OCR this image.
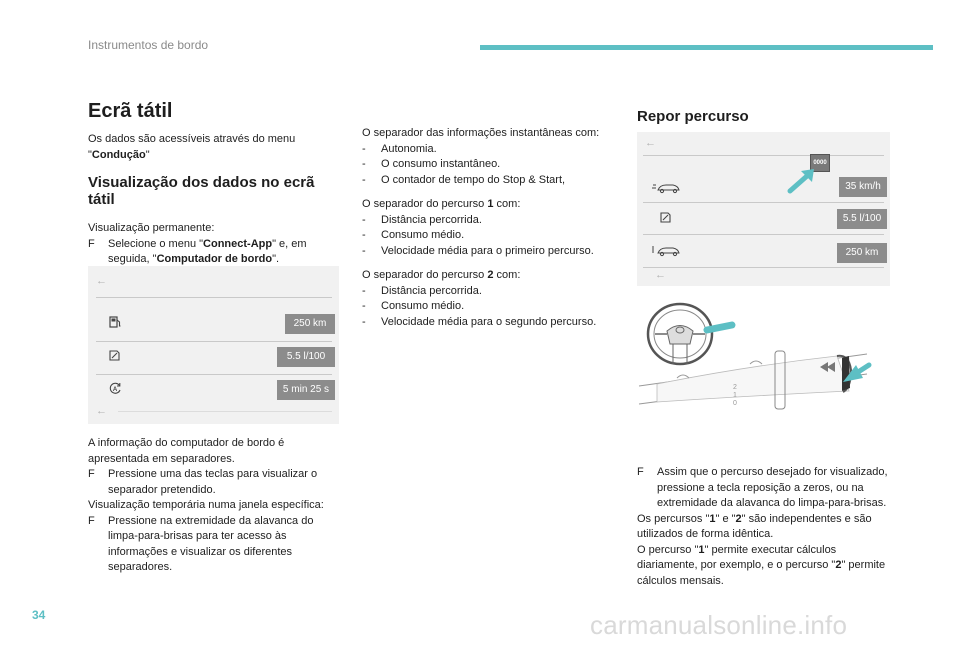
Instrumentos de bordo
Ecrã tátil

Os dados são acessíveis através do menu

"Condução"

Visualização dos dados no ecrã tátil

Visualização permanente:

F Selecione o menu "Connect-App" e, em seguida, "Computador de bordo".

←
250 km
5.5 l/100
A	5 min 25 s
←

A informação do computador de bordo é apresentada em separadores.

F Pressione uma das teclas para visualizar o separador pretendido.

Visualização temporária numa janela específica:

F Pressione na extremidade da alavanca do limpa-para-brisas para ter acesso às informações e visualizar os diferentes separadores.

O separador das informações instantâneas com:

- Autonomia.

- O consumo instantâneo.

- O contador de tempo do Stop & Start,

O separador do percurso 1 com:

- Distância percorrida.

- Consumo médio.

- Velocidade média para o primeiro percurso.

O separador do percurso 2 com:

- Distância percorrida.

- Consumo médio.

- Velocidade média para o segundo percurso.

Repor percurso
←
0000
35 km/h
5.5 l/100
250 km
←
2
1
0

F Assim que o percurso desejado for visualizado, pressione a tecla reposição a zeros, ou na extremidade da alavanca do limpa-para-brisas.

Os percursos "1" e "2" são independentes e são utilizados de forma idêntica.

O percurso "1" permite executar cálculos diariamente, por exemplo, e o percurso "2" permite cálculos mensais.

34	carmanualsonline.info
